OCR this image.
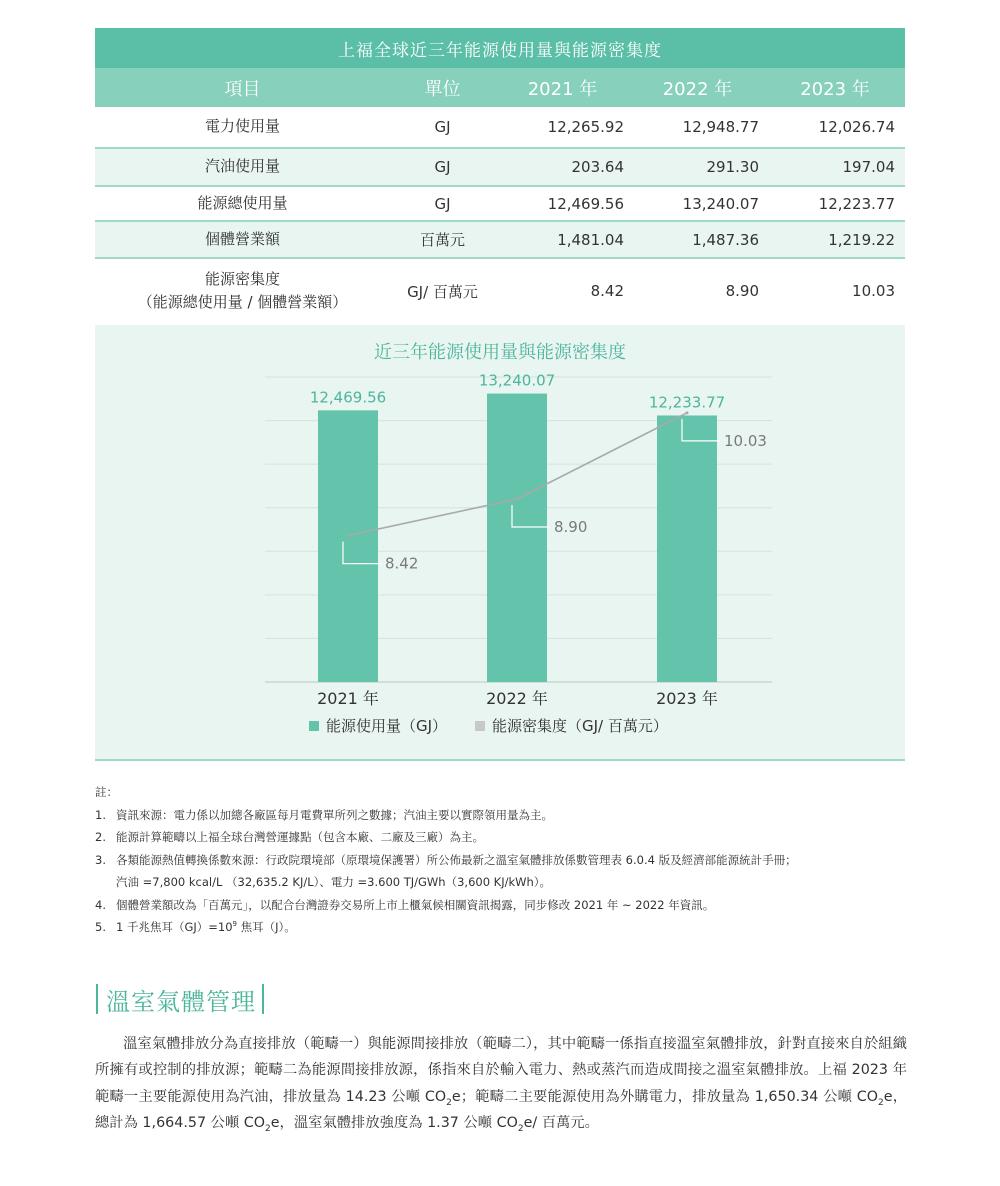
上福全球近三年能源使用量與能源密集度
項目	單位	2021 年	2022 年	2023 年
電力使用量	GJ	12,265.92	12,948.77	12,026.74
汽油使用量	GJ	203.64	291.30	197.04
能源總使用量	GJ	12,469.56	13,240.07	12,223.77
個體營業額	百萬元	1,481.04	1,487.36	1,219.22
能源密集度
（能源總使用量 / 個體營業額）
GJ/ 百萬元	8.42	8.90	10.03
近三年能源使用量與能源密集度
12,469.56
13,240.07
12,233.77
8.42
8.90
10.03
2021 年	2022 年	2023 年
能源使用量（GJ）	能源密集度（GJ/ 百萬元）
註：
1. 資訊來源：電力係以加總各廠區每月電費單所列之數據；汽油主要以實際領用量為主。
2. 能源計算範疇以上福全球台灣營運據點（包含本廠、二廠及三廠）為主。
3. 各類能源熱值轉換係數來源：行政院環境部（原環境保護署）所公佈最新之溫室氣體排放係數管理表 6.0.4 版及經濟部能源統計手冊；
汽油 =7,800 kcal/L （32,635.2 KJ/L）、電力 =3.600 TJ/GWh（3,600 KJ/kWh）。
4. 個體營業額改為「百萬元」，以配合台灣證券交易所上市上櫃氣候相關資訊揭露，同步修改 2021 年 ~ 2022 年資訊。
5. 1 千兆焦耳$(GJ)=10^9$ 焦耳（J）。
溫室氣體管理
溫室氣體排放分為直接排放（範疇一）與能源間接排放（範疇二），其中範疇一係指直接溫室氣體排放，針對直接來自於組織所擁有或控制的排放源；範疇二為能源間接排放源，係指來自於輸入電力、熱或蒸汽而造成間接之溫室氣體排放。上福 2023 年範疇一主要能源使用為汽油，排放量為 14.23 公噸 $CO_2e$；範疇二主要能源使用為外購電力，排放量為 1,650.34 公噸 $CO_2e$，總計為 1,664.57 公噸 $CO_2e$，溫室氣體排放強度為 1.37 公噸 $CO_2e/$ 百萬元。
